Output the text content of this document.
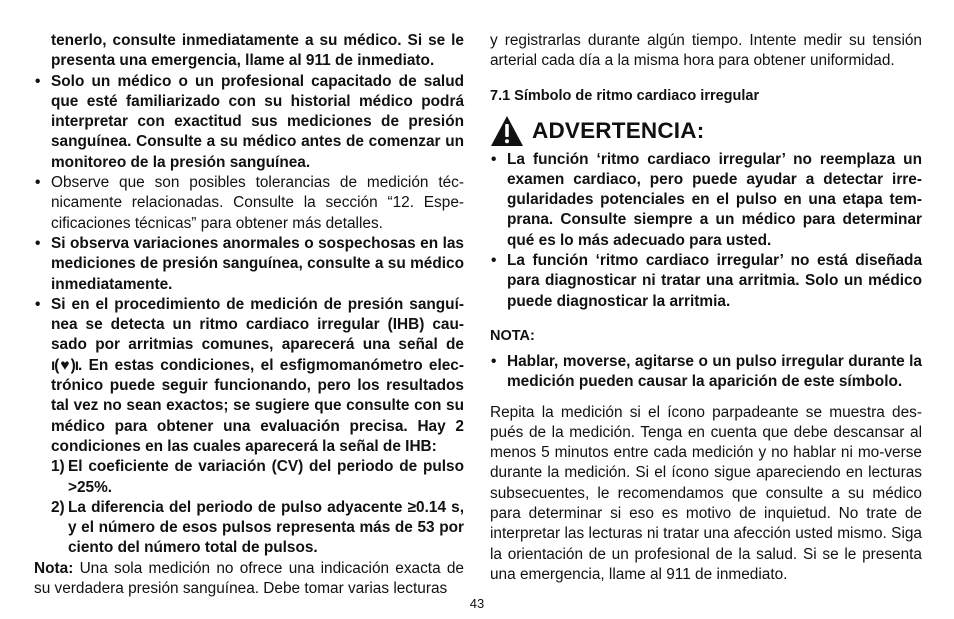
tenerlo, consulte inmediatamente a su médico. Si se le presenta una emergencia, llame al 911 de inmediato.

• Solo un médico o un profesional capacitado de salud que esté familiarizado con su historial médico podrá interpretar con exactitud sus mediciones de presión sanguínea. Consulte a su médico antes de comenzar un monitoreo de la presión sanguínea.
• Observe que son posibles tolerancias de medición téc-nicamente relacionadas. Consulte la sección “12. Espe-cificaciones técnicas” para obtener más detalles.
• Si observa variaciones anormales o sospechosas en las mediciones de presión sanguínea, consulte a su médico inmediatamente.
• Si en el procedimiento de medición de presión sanguí-nea se detecta un ritmo cardiaco irregular (IHB) cau-sado por arritmias comunes, aparecerá una señal de ı(♥)ı. En estas condiciones, el esfigmomanómetro elec-trónico puede seguir funcionando, pero los resultados tal vez no sean exactos; se sugiere que consulte con su médico para obtener una evaluación precisa. Hay 2 condiciones en las cuales aparecerá la señal de IHB:
1) El coeficiente de variación (CV) del periodo de pulso >25%.
2) La diferencia del periodo de pulso adyacente ≥0.14 s, y el número de esos pulsos representa más de 53 por ciento del número total de pulsos.

Nota: Una sola medición no ofrece una indicación exacta de su verdadera presión sanguínea. Debe tomar varias lecturas

y registrarlas durante algún tiempo. Intente medir su tensión arterial cada día a la misma hora para obtener uniformidad.

7.1 Símbolo de ritmo cardiaco irregular
ADVERTENCIA:
• La función ‘ritmo cardiaco irregular’ no reemplaza un examen cardiaco, pero puede ayudar a detectar irre-gularidades potenciales en el pulso en una etapa tem-prana. Consulte siempre a un médico para determinar qué es lo más adecuado para usted.
• La función ‘ritmo cardiaco irregular’ no está diseñada para diagnosticar ni tratar una arritmia. Solo un médico puede diagnosticar la arritmia.
NOTA:
• Hablar, moverse, agitarse o un pulso irregular durante la medición pueden causar la aparición de este símbolo.

Repita la medición si el ícono parpadeante se muestra des-pués de la medición. Tenga en cuenta que debe descansar al menos 5 minutos entre cada medición y no hablar ni mo-verse durante la medición. Si el ícono sigue apareciendo en lecturas subsecuentes, le recomendamos que consulte a su médico para determinar si eso es motivo de inquietud. No trate de interpretar las lecturas ni tratar una afección usted mismo. Siga la orientación de un profesional de la salud. Si se le presenta una emergencia, llame al 911 de inmediato.

43
